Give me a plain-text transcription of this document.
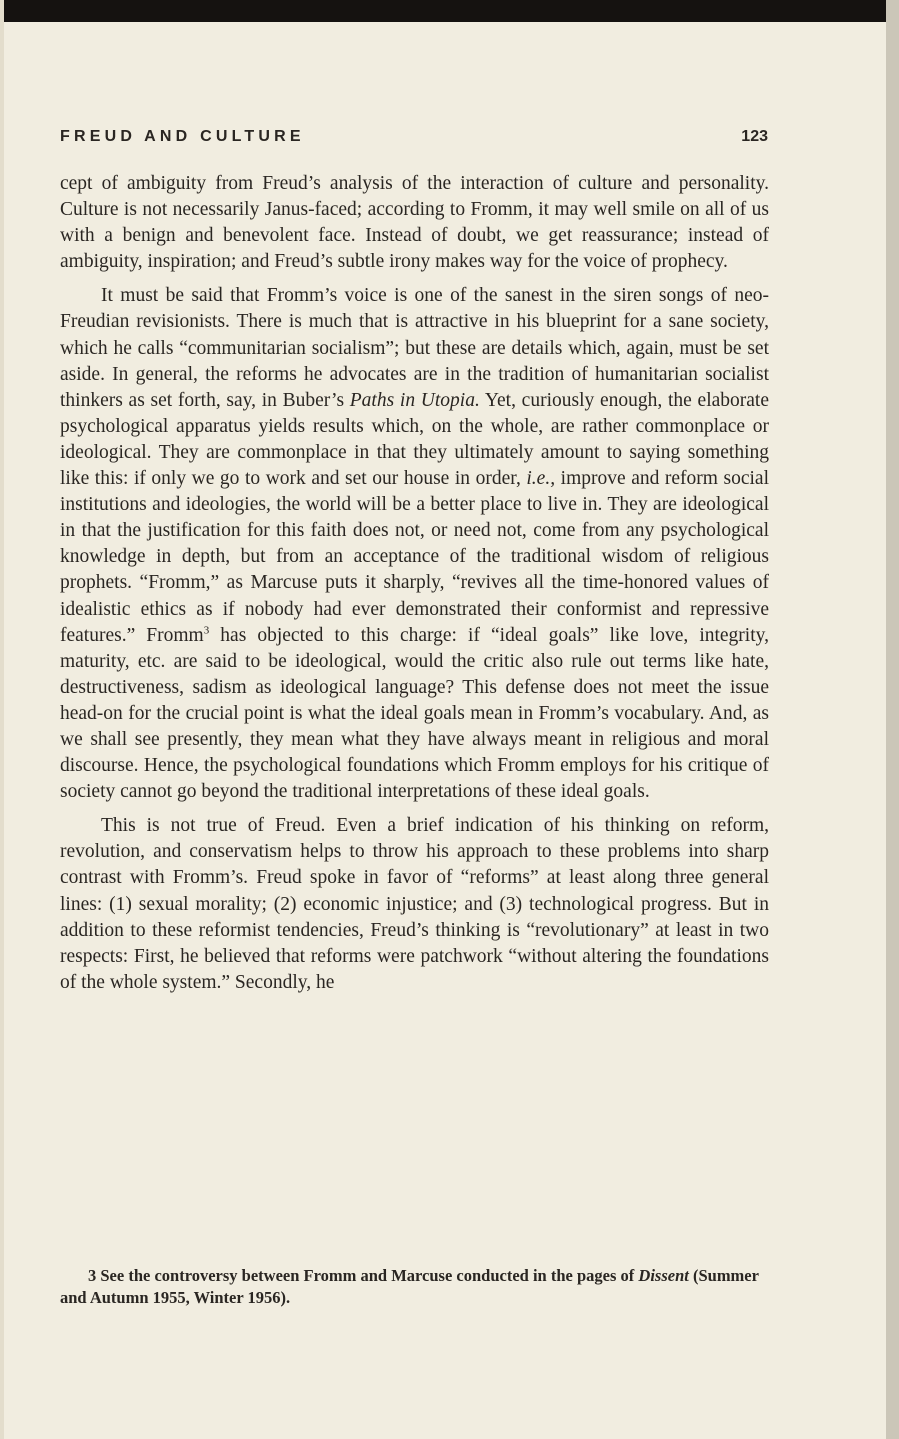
FREUD AND CULTURE	123

cept of ambiguity from Freud’s analysis of the interaction of culture and personality. Culture is not necessarily Janus-faced; according to Fromm, it may well smile on all of us with a benign and benevolent face. Instead of doubt, we get reassurance; instead of ambiguity, inspiration; and Freud’s subtle irony makes way for the voice of prophecy.

It must be said that Fromm’s voice is one of the sanest in the siren songs of neo-Freudian revisionists. There is much that is attractive in his blueprint for a sane society, which he calls “communitarian socialism”; but these are details which, again, must be set aside. In general, the reforms he advocates are in the tradition of humanitarian socialist thinkers as set forth, say, in Buber’s Paths in Utopia. Yet, curiously enough, the elaborate psychological apparatus yields results which, on the whole, are rather commonplace or ideological. They are commonplace in that they ultimately amount to saying something like this: if only we go to work and set our house in order, i.e., improve and reform social institutions and ideologies, the world will be a better place to live in. They are ideological in that the justification for this faith does not, or need not, come from any psychological knowledge in depth, but from an acceptance of the traditional wisdom of religious prophets. “Fromm,” as Marcuse puts it sharply, “revives all the time-honored values of idealistic ethics as if nobody had ever demonstrated their conformist and repressive features.” Fromm$^3$ has objected to this charge: if “ideal goals” like love, integrity, maturity, etc. are said to be ideological, would the critic also rule out terms like hate, destructiveness, sadism as ideological language? This defense does not meet the issue head-on for the crucial point is what the ideal goals mean in Fromm’s vocabulary. And, as we shall see presently, they mean what they have always meant in religious and moral discourse. Hence, the psychological foundations which Fromm employs for his critique of society cannot go beyond the traditional interpretations of these ideal goals.

This is not true of Freud. Even a brief indication of his thinking on reform, revolution, and conservatism helps to throw his approach to these problems into sharp contrast with Fromm’s. Freud spoke in favor of “reforms” at least along three general lines: (1) sexual morality; (2) economic injustice; and (3) technological progress. But in addition to these reformist tendencies, Freud’s thinking is “revolutionary” at least in two respects: First, he believed that reforms were patchwork “without altering the foundations of the whole system.” Secondly, he

3 See the controversy between Fromm and Marcuse conducted in the pages of Dissent (Summer and Autumn 1955, Winter 1956).
